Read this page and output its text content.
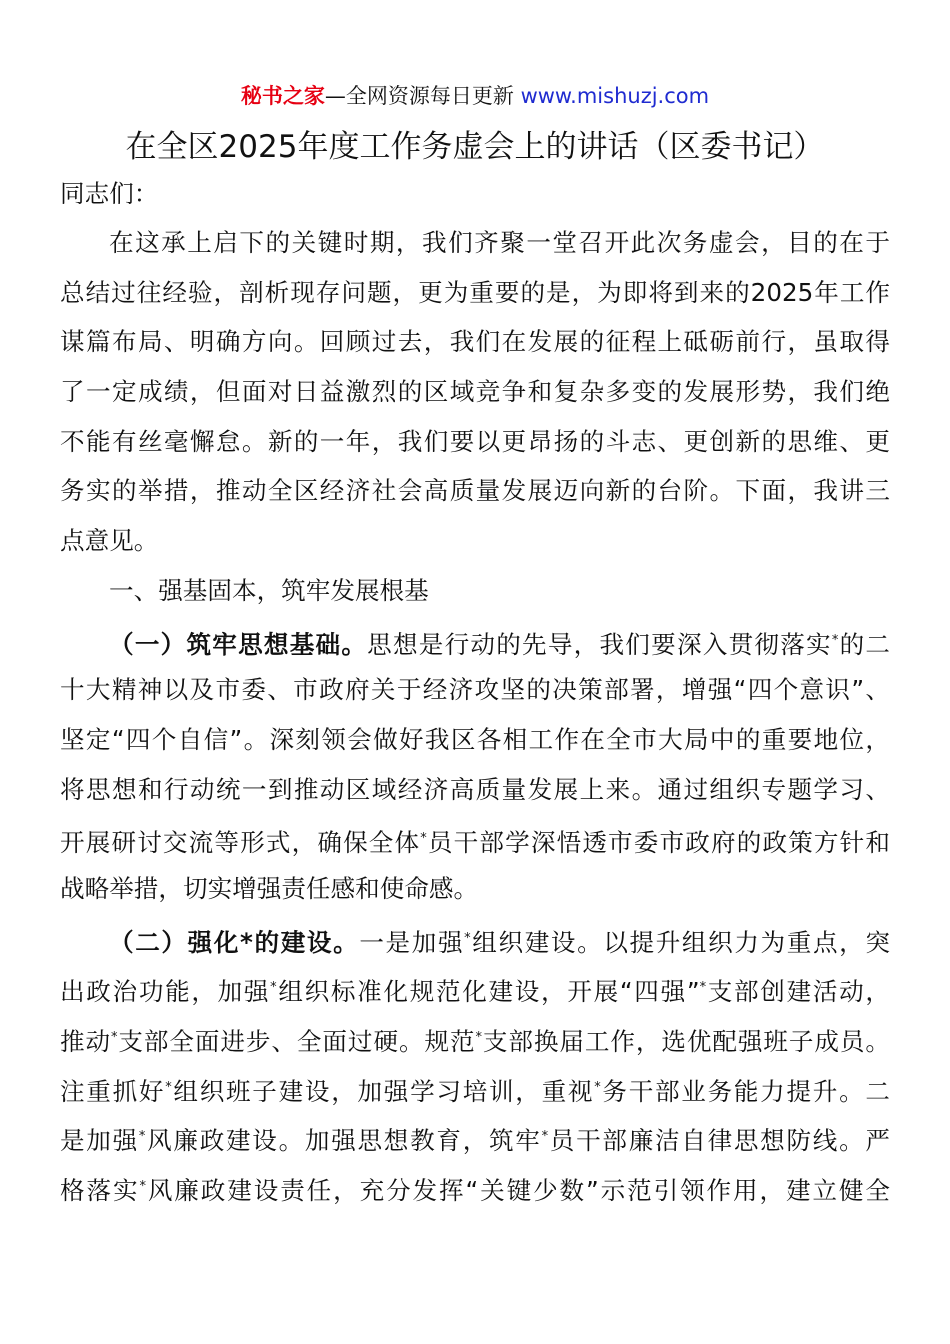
秘书之家—全网资源每日更新 www.mishuzj.com
在全区2025年度工作务虚会上的讲话（区委书记）
同志们：
在这承上启下的关键时期，我们齐聚一堂召开此次务虚会，目的在于
总结过往经验，剖析现存问题，更为重要的是，为即将到来的2025年工作
谋篇布局、明确方向。回顾过去，我们在发展的征程上砥砺前行，虽取得
了一定成绩，但面对日益激烈的区域竞争和复杂多变的发展形势，我们绝
不能有丝毫懈怠。新的一年，我们要以更昂扬的斗志、更创新的思维、更
务实的举措，推动全区经济社会高质量发展迈向新的台阶。下面，我讲三
点意见。
一、强基固本，筑牢发展根基
（一）筑牢思想基础。思想是行动的先导，我们要深入贯彻落实*的二
十大精神以及市委、市政府关于经济攻坚的决策部署，增强“四个意识”、
坚定“四个自信”。深刻领会做好我区各相工作在全市大局中的重要地位，
将思想和行动统一到推动区域经济高质量发展上来。通过组织专题学习、
开展研讨交流等形式，确保全体*员干部学深悟透市委市政府的政策方针和
战略举措，切实增强责任感和使命感。
（二）强化*的建设。一是加强*组织建设。以提升组织力为重点，突
出政治功能，加强*组织标准化规范化建设，开展“四强”*支部创建活动，
推动*支部全面进步、全面过硬。规范*支部换届工作，选优配强班子成员。
注重抓好*组织班子建设，加强学习培训，重视*务干部业务能力提升。二
是加强*风廉政建设。加强思想教育，筑牢*员干部廉洁自律思想防线。严
格落实*风廉政建设责任，充分发挥“关键少数”示范引领作用，建立健全
